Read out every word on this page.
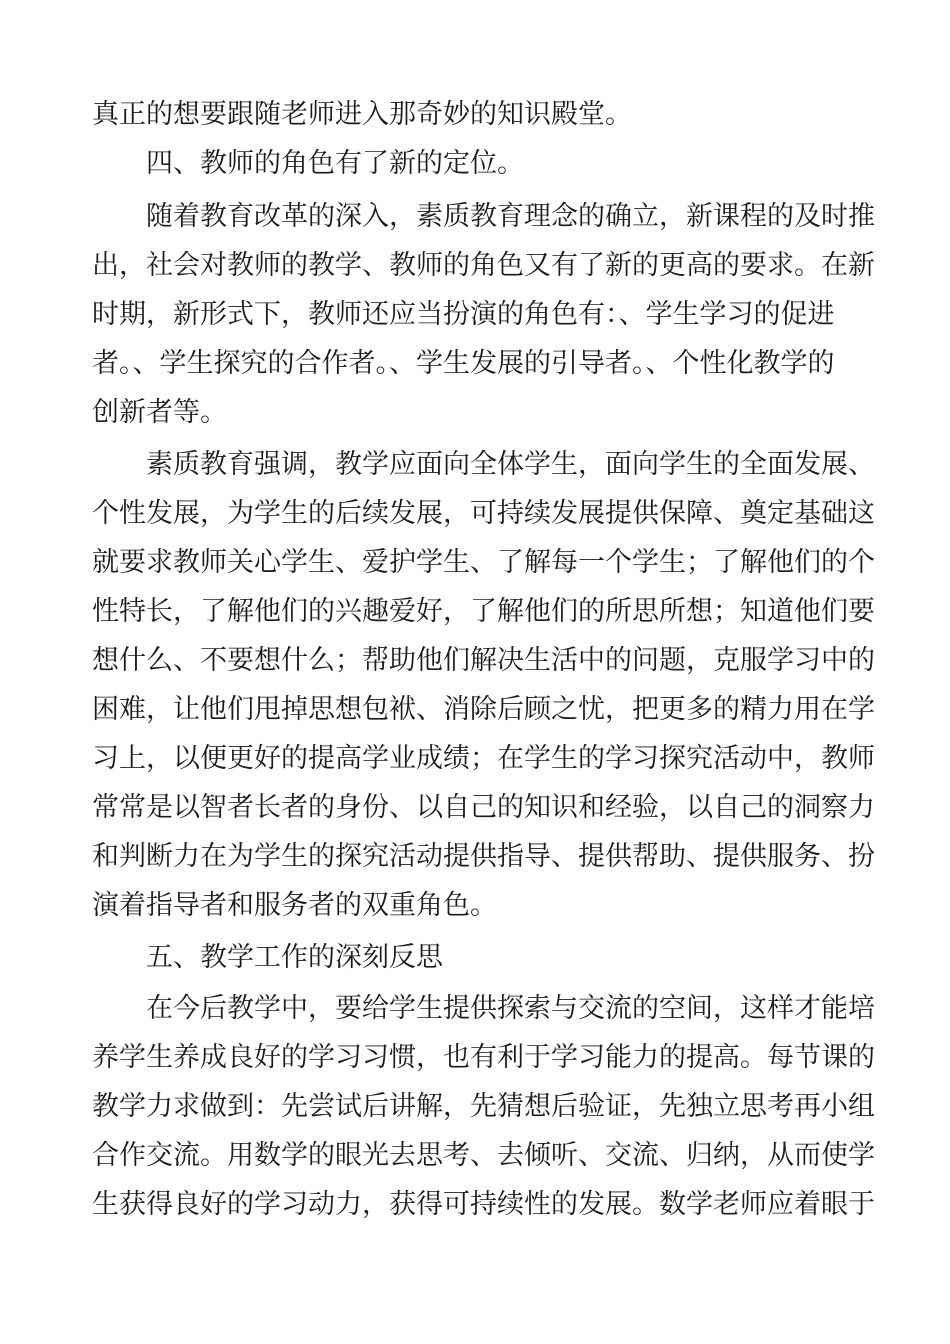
真正的想要跟随老师进入那奇妙的知识殿堂。

四、教师的角色有了新的定位。

随着教育改革的深入，素质教育理念的确立，新课程的及时推

出，社会对教师的教学、教师的角色又有了新的更高的要求。在新

时期，新形式下，教师还应当扮演的角色有：、学生学习的促进

者。、学生探究的合作者。、学生发展的引导者。、个性化教学的

创新者等。

素质教育强调，教学应面向全体学生，面向学生的全面发展、

个性发展，为学生的后续发展，可持续发展提供保障、奠定基础这

就要求教师关心学生、爱护学生、了解每一个学生；了解他们的个

性特长，了解他们的兴趣爱好，了解他们的所思所想；知道他们要

想什么、不要想什么；帮助他们解决生活中的问题，克服学习中的

困难，让他们甩掉思想包袱、消除后顾之忧，把更多的精力用在学

习上，以便更好的提高学业成绩；在学生的学习探究活动中，教师

常常是以智者长者的身份、以自己的知识和经验，以自己的洞察力

和判断力在为学生的探究活动提供指导、提供帮助、提供服务、扮

演着指导者和服务者的双重角色。

五、教学工作的深刻反思

在今后教学中，要给学生提供探索与交流的空间，这样才能培

养学生养成良好的学习习惯，也有利于学习能力的提高。每节课的

教学力求做到：先尝试后讲解，先猜想后验证，先独立思考再小组

合作交流。用数学的眼光去思考、去倾听、交流、归纳，从而使学

生获得良好的学习动力，获得可持续性的发展。数学老师应着眼于
